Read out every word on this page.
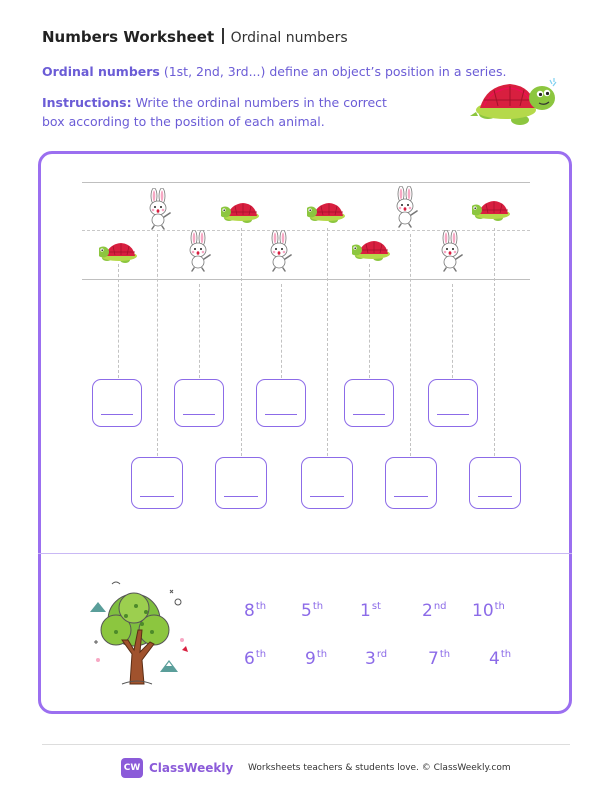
Numbers Worksheet Ordinal numbers
Ordinal numbers (1st, 2nd, 3rd...) define an object’s position in a series.
Instructions: Write the ordinal numbers in the correct box according to the position of each animal.
8th 5th 1st 2nd 10th
6th 9th 3rd 7th 4th
CW ClassWeekly Worksheets teachers & students love. © ClassWeekly.com
